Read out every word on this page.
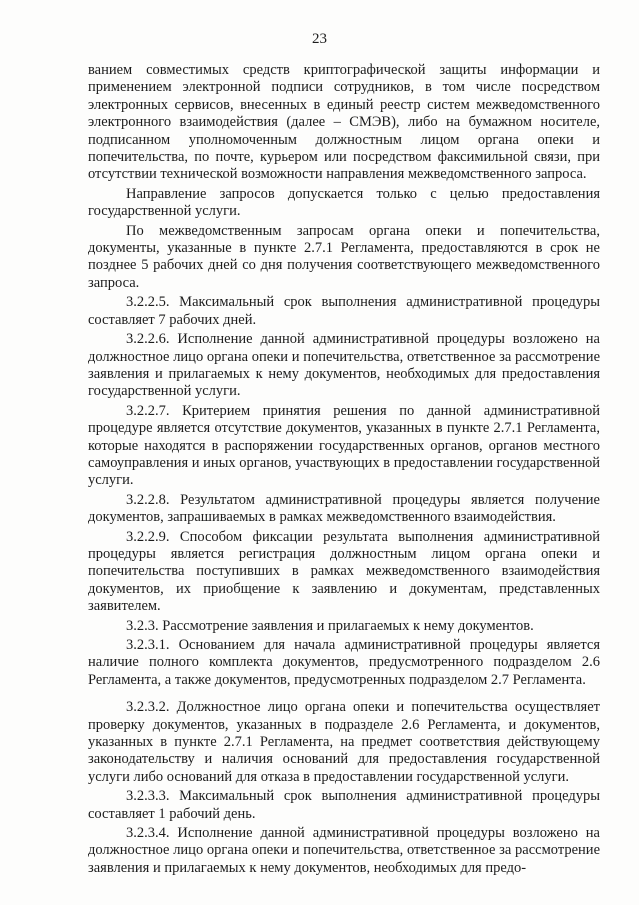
23

ванием совместимых средств криптографической защиты информации и применением электронной подписи сотрудников, в том числе посредством электронных сервисов, внесенных в единый реестр систем межведомственного электронного взаимодействия (далее – СМЭВ), либо на бумажном носителе, подписанном уполномоченным должностным лицом органа опеки и попечительства, по почте, курьером или посредством факсимильной связи, при отсутствии технической возможности направления межведомственного запроса.

Направление запросов допускается только с целью предоставления государственной услуги.

По межведомственным запросам органа опеки и попечительства, документы, указанные в пункте 2.7.1 Регламента, предоставляются в срок не позднее 5 рабочих дней со дня получения соответствующего межведомственного запроса.

3.2.2.5. Максимальный срок выполнения административной процедуры составляет 7 рабочих дней.

3.2.2.6. Исполнение данной административной процедуры возложено на должностное лицо органа опеки и попечительства, ответственное за рассмотрение заявления и прилагаемых к нему документов, необходимых для предоставления государственной услуги.

3.2.2.7. Критерием принятия решения по данной административной процедуре является отсутствие документов, указанных в пункте 2.7.1 Регламента, которые находятся в распоряжении государственных органов, органов местного самоуправления и иных органов, участвующих в предоставлении государственной услуги.

3.2.2.8. Результатом административной процедуры является получение документов, запрашиваемых в рамках межведомственного взаимодействия.

3.2.2.9. Способом фиксации результата выполнения административной процедуры является регистрация должностным лицом органа опеки и попечительства поступивших в рамках межведомственного взаимодействия документов, их приобщение к заявлению и документам, представленных заявителем.

3.2.3. Рассмотрение заявления и прилагаемых к нему документов.

3.2.3.1. Основанием для начала административной процедуры является наличие полного комплекта документов, предусмотренного подразделом 2.6 Регламента, а также документов, предусмотренных подразделом 2.7 Регламента.

3.2.3.2. Должностное лицо органа опеки и попечительства осуществляет проверку документов, указанных в подразделе 2.6 Регламента, и документов, указанных в пункте 2.7.1 Регламента, на предмет соответствия действующему законодательству и наличия оснований для предоставления государственной услуги либо оснований для отказа в предоставлении государственной услуги.

3.2.3.3. Максимальный срок выполнения административной процедуры составляет 1 рабочий день.

3.2.3.4. Исполнение данной административной процедуры возложено на должностное лицо органа опеки и попечительства, ответственное за рассмотрение заявления и прилагаемых к нему документов, необходимых для предо-
